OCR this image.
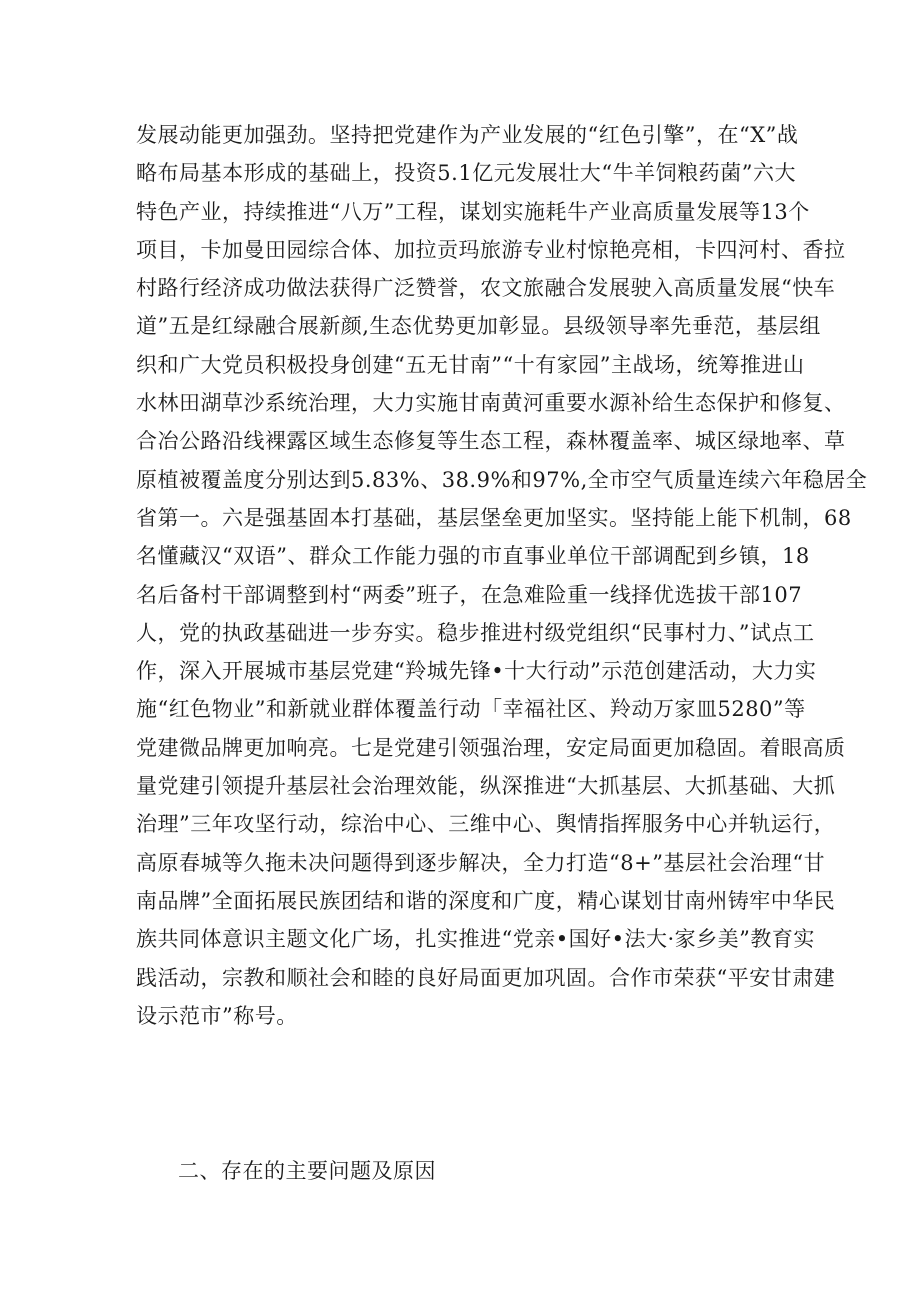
发展动能更加强劲。坚持把党建作为产业发展的“红色引擎”，在“X”战
略布局基本形成的基础上，投资5.1亿元发展壮大“牛羊饲粮药菌”六大
特色产业，持续推进“八万”工程，谋划实施耗牛产业高质量发展等13个
项目，卡加曼田园综合体、加拉贡玛旅游专业村惊艳亮相，卡四河村、香拉
村路行经济成功做法获得广泛赞誉，农文旅融合发展驶入高质量发展“快车
道”五是红绿融合展新颜,生态优势更加彰显。县级领导率先垂范，基层组
织和广大党员积极投身创建“五无甘南”“十有家园”主战场，统筹推进山
水林田湖草沙系统治理，大力实施甘南黄河重要水源补给生态保护和修复、
合冶公路沿线裸露区域生态修复等生态工程，森林覆盖率、城区绿地率、草
原植被覆盖度分别达到5.83%、38.9%和97%,全市空气质量连续六年稳居全
省第一。六是强基固本打基础，基层堡垒更加坚实。坚持能上能下机制，68
名懂藏汉“双语”、群众工作能力强的市直事业单位干部调配到乡镇，18
名后备村干部调整到村“两委”班子，在急难险重一线择优选拔干部107
人，党的执政基础进一步夯实。稳步推进村级党组织“民事村力、”试点工
作，深入开展城市基层党建“羚城先锋•十大行动”示范创建活动，大力实
施“红色物业”和新就业群体覆盖行动「幸福社区、羚动万家皿5280”等
党建微品牌更加响亮。七是党建引领强治理，安定局面更加稳固。着眼高质
量党建引领提升基层社会治理效能，纵深推进“大抓基层、大抓基础、大抓
治理”三年攻坚行动，综治中心、三维中心、舆情指挥服务中心并轨运行，
高原春城等久拖未决问题得到逐步解决，全力打造“8+”基层社会治理“甘
南品牌”全面拓展民族团结和谐的深度和广度，精心谋划甘南州铸牢中华民
族共同体意识主题文化广场，扎实推进“党亲•国好•法大·家乡美”教育实
践活动，宗教和顺社会和睦的良好局面更加巩固。合作市荣获“平安甘肃建
设示范市”称号。
二、存在的主要问题及原因
